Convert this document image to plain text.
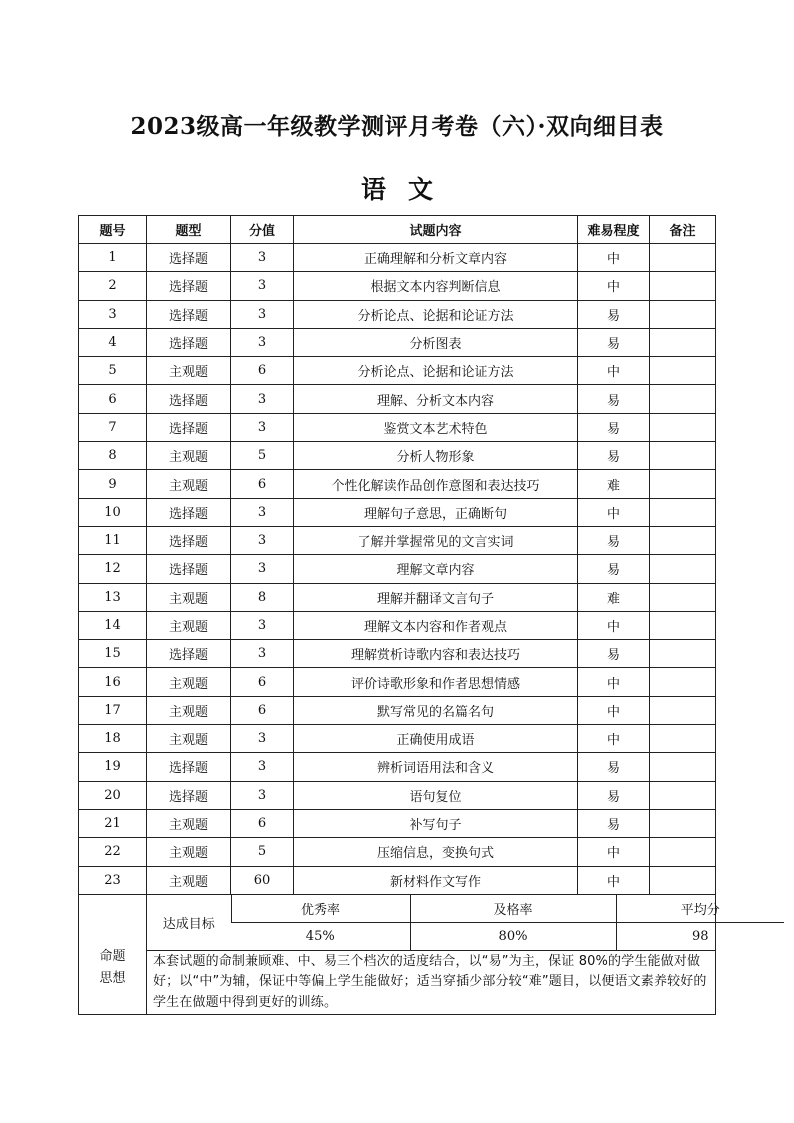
2023级高一年级教学测评月考卷（六）·双向细目表
语文
题号	题型	分值	试题内容	难易程度	备注
1	选择题	3	正确理解和分析文章内容	中	
2	选择题	3	根据文本内容判断信息	中	
3	选择题	3	分析论点、论据和论证方法	易	
4	选择题	3	分析图表	易	
5	主观题	6	分析论点、论据和论证方法	中	
6	选择题	3	理解、分析文本内容	易	
7	选择题	3	鉴赏文本艺术特色	易	
8	主观题	5	分析人物形象	易	
9	主观题	6	个性化解读作品创作意图和表达技巧	难	
10	选择题	3	理解句子意思，正确断句	中	
11	选择题	3	了解并掌握常见的文言实词	易	
12	选择题	3	理解文章内容	易	
13	主观题	8	理解并翻译文言句子	难	
14	主观题	3	理解文本内容和作者观点	中	
15	选择题	3	理解赏析诗歌内容和表达技巧	易	
16	主观题	6	评价诗歌形象和作者思想情感	中	
17	主观题	6	默写常见的名篇名句	中	
18	主观题	3	正确使用成语	中	
19	选择题	3	辨析词语用法和含义	易	
20	选择题	3	语句复位	易	
21	主观题	6	补写句子	易	
22	主观题	5	压缩信息，变换句式	中	
23	主观题	60	新材料作文写作	中	
命题
思想	
达成目标	优秀率	及格率	平均分
45%	80%	98

本套试题的命制兼顾难、中、易三个档次的适度结合，以“易”为主，保证 80%的学生能做对做好；以“中”为辅，保证中等偏上学生能做好；适当穿插少部分较“难”题目，以便语文素养较好的学生在做题中得到更好的训练。
